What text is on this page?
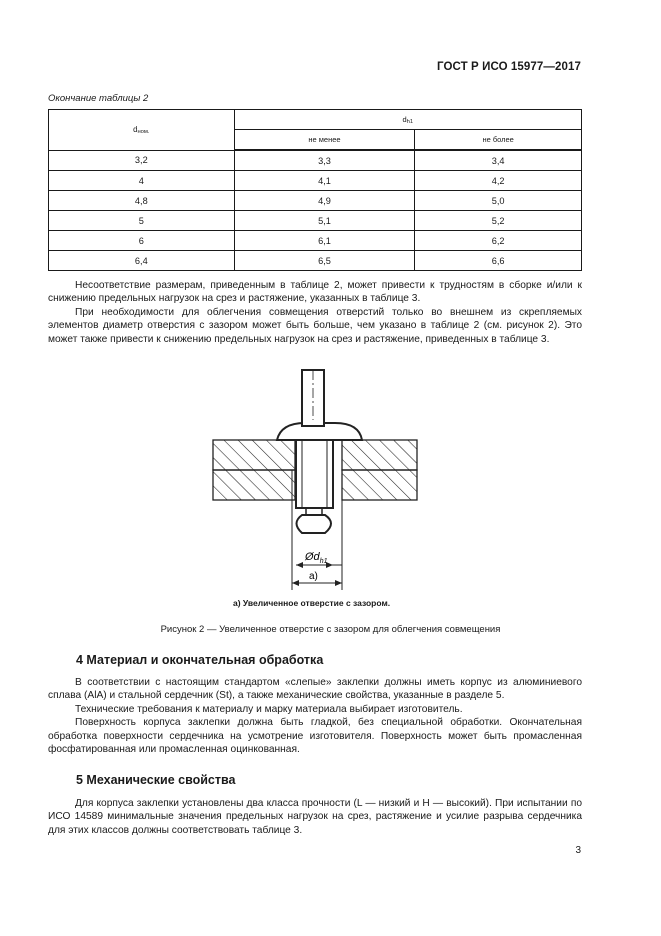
ГОСТ Р ИСО 15977—2017
Окончание таблицы 2
dном.	dh1	
	не менее	не более
3,2	3,3	3,4
4	4,1	4,2
4,8	4,9	5,0
5	5,1	5,2
6	6,1	6,2
6,4	6,5	6,6

Несоответствие размерам, приведенным в таблице 2, может привести к трудностям в сборке и/или к снижению предельных нагрузок на срез и растяжение, указанных в таблице 3.

При необходимости для облегчения совмещения отверстий только во внешнем из скрепляемых элементов диаметр отверстия с зазором может быть больше, чем указано в таблице 2 (см. рисунок 2). Это может также привести к снижению предельных нагрузок на срез и растяжение, приведенных в таблице 3.

$Ød_{h1}$
a)
a) Увеличенное отверстие с зазором.
Рисунок 2 — Увеличенное отверстие с зазором для облегчения совмещения
4 Материал и окончательная обработка

В соответствии с настоящим стандартом «слепые» заклепки должны иметь корпус из алюминиевого сплава (AlA) и стальной сердечник (St), а также механические свойства, указанные в разделе 5.

Технические требования к материалу и марку материала выбирает изготовитель.

Поверхность корпуса заклепки должна быть гладкой, без специальной обработки. Окончательная обработка поверхности сердечника на усмотрение изготовителя. Поверхность может быть промасленная фосфатированная или промасленная оцинкованная.

5 Механические свойства

Для корпуса заклепки установлены два класса прочности (L — низкий и H — высокий). При испытании по ИСО 14589 минимальные значения предельных нагрузок на срез, растяжение и усилие разрыва сердечника для этих классов должны соответствовать таблице 3.

3
